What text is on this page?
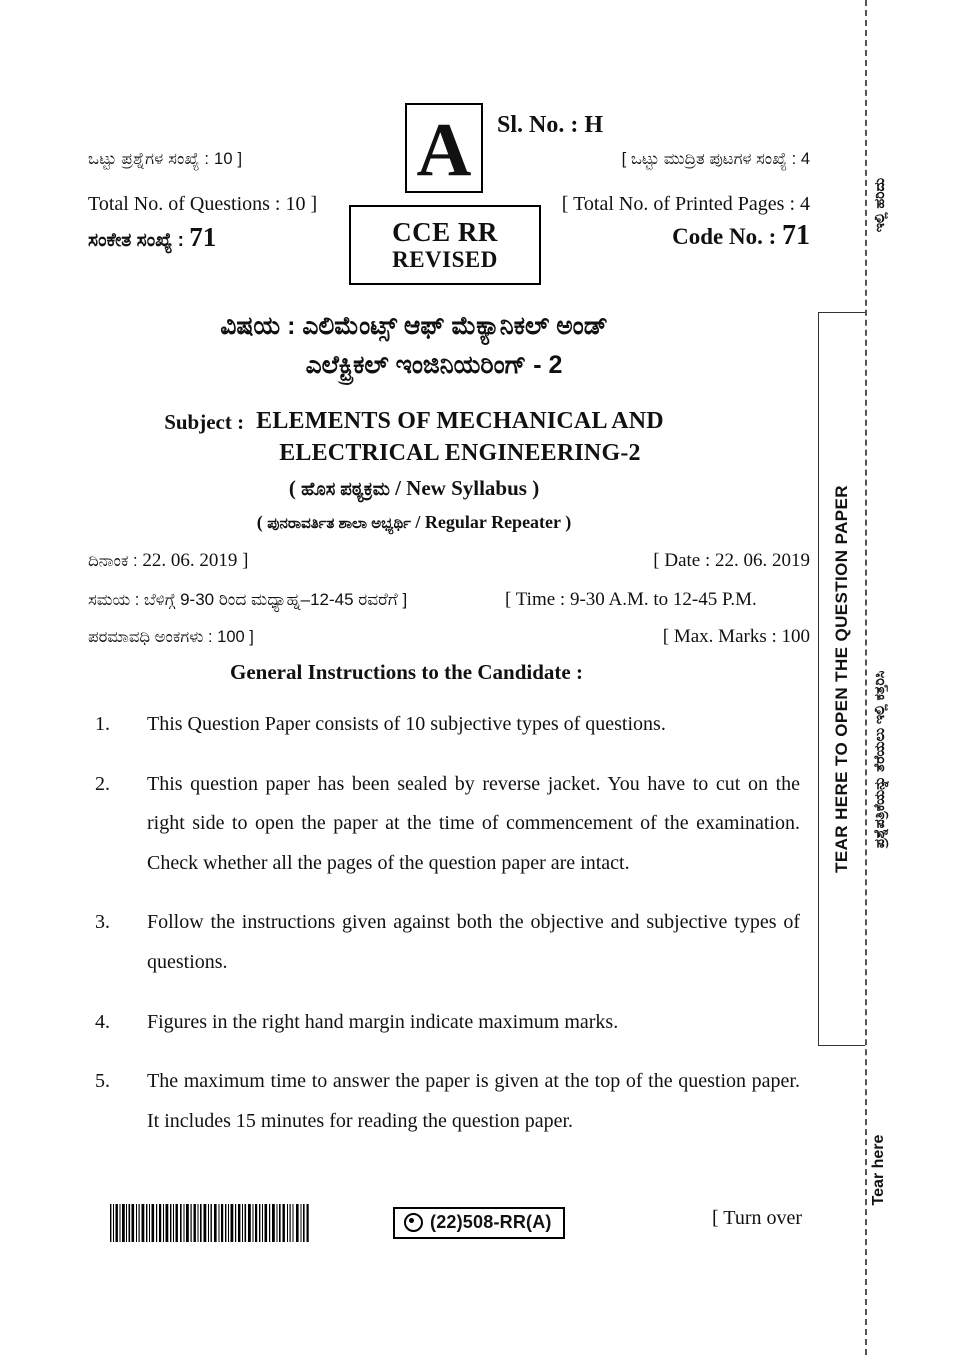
ಒಟ್ಟು ಪ್ರಶ್ನೆಗಳ ಸಂಖ್ಯೆ : 10 ]	[ ಒಟ್ಟು ಮುದ್ರಿತ ಪುಟಗಳ ಸಂಖ್ಯೆ : 4
Total No. of Questions : 10 ]	[ Total No. of Printed Pages : 4
ಸಂಕೇತ ಸಂಖ್ಯೆ : 71	Code No. : 71
A Sl. No. : H
CCE RR
REVISED
ವಿಷಯ : ಎಲಿಮೆಂಟ್ಸ್ ಆಫ್ ಮೆಕ್ಯಾನಿಕಲ್ ಅಂಡ್
ಎಲೆಕ್ಟ್ರಿಕಲ್ ಇಂಜಿನಿಯರಿಂಗ್ - 2
Subject : ELEMENTS OF MECHANICAL AND
ELECTRICAL ENGINEERING-2
( ಹೊಸ ಪಠ್ಯಕ್ರಮ / New Syllabus )
( ಪುನರಾವರ್ತಿತ ಶಾಲಾ ಅಭ್ಯರ್ಥಿ / Regular Repeater )
ದಿನಾಂಕ : 22. 06. 2019 ]	[ Date : 22. 06. 2019
ಸಮಯ : ಬೆಳಿಗ್ಗೆ 9-30 ರಿಂದ ಮಧ್ಯಾಹ್ನ–12-45 ರವರೆಗೆ ]	[ Time : 9-30 A.M. to 12-45 P.M.
ಪರಮಾವಧಿ ಅಂಕಗಳು : 100 ]	[ Max. Marks : 100
General Instructions to the Candidate :
1.	This Question Paper consists of 10 subjective types of questions.
2.	This question paper has been sealed by reverse jacket. You have to cut on the right side to open the paper at the time of commencement of the examination. Check whether all the pages of the question paper are intact.
3.	Follow the instructions given against both the objective and subjective types of questions.
4.	Figures in the right hand margin indicate maximum marks.
5.	The maximum time to answer the paper is given at the top of the question paper. It includes 15 minutes for reading the question paper.
TEAR HERE TO OPEN THE QUESTION PAPER	ಪ್ರಶ್ನೆಪತ್ರಿಕೆಯನ್ನು ತೆರೆಯಲು ಇಲ್ಲಿ ಕತ್ತರಿಸಿ
ಇಲ್ಲಿ ಹರಿದು
Tear here
(22)508-RR(A)	[ Turn over
